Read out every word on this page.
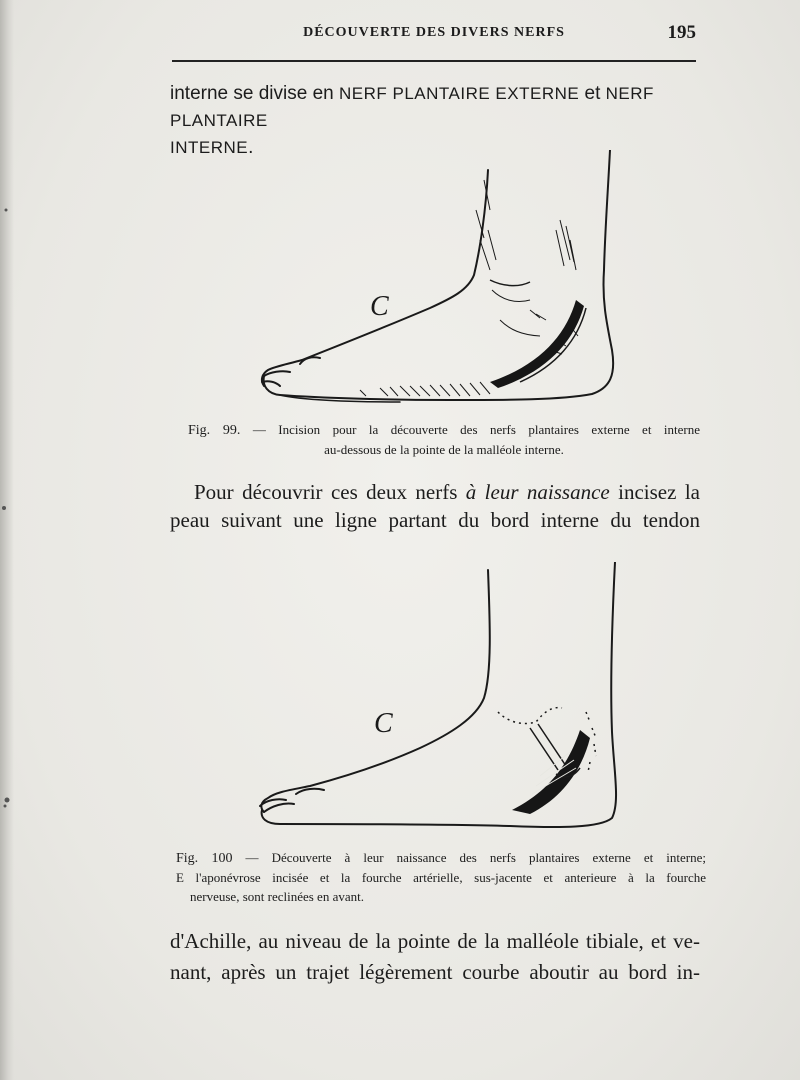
DÉCOUVERTE DES DIVERS NERFS	195

interne se divise en NERF PLANTAIRE EXTERNE et NERF PLANTAIRE
INTERNE.

C

Fig. 99. — Incision pour la découverte des nerfs plantaires externe et interne
au-dessous de la pointe de la malléole interne.

Pour découvrir ces deux nerfs à leur naissance incisez la
peau suivant une ligne partant du bord interne du tendon

C

Fig. 100 — Découverte à leur naissance des nerfs plantaires externe et interne;
E l'aponévrose incisée et la fourche artérielle, sus-jacente et anterieure à la fourche
nerveuse, sont reclinées en avant.

d'Achille, au niveau de la pointe de la malléole tibiale, et ve-
nant, après un trajet légèrement courbe aboutir au bord in-
